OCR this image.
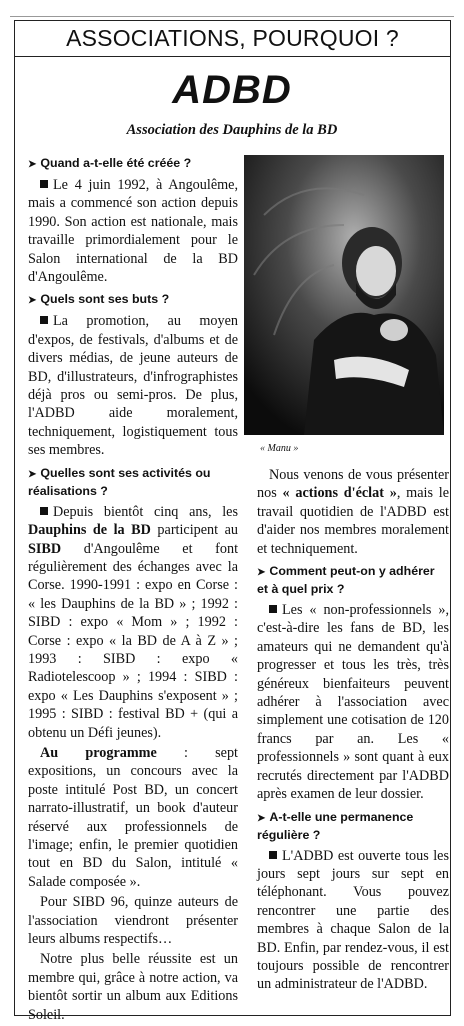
ASSOCIATIONS, POURQUOI ?
ADBD
Association des Dauphins de la BD
➤ Quand a-t-elle été créée ?

Le 4 juin 1992, à Angoulême, mais a commencé son action depuis 1990. Son action est nationale, mais travaille primordialement pour le Salon international de la BD d'Angoulême.

➤ Quels sont ses buts ?

La promotion, au moyen d'expos, de festivals, d'albums et de divers médias, de jeune auteurs de BD, d'illustrateurs, d'infrographistes déjà pros ou semi-pros. De plus, l'ADBD aide moralement, techniquement, logistiquement tous ses membres.

➤ Quelles sont ses activités ou réalisations ?

Depuis bientôt cinq ans, les Dauphins de la BD participent au SIBD d'Angoulême et font régulièrement des échanges avec la Corse. 1990-1991 : expo en Corse : « les Dauphins de la BD » ; 1992 : SIBD : expo « Mom » ; 1992 : Corse : expo « la BD de A à Z » ; 1993 : SIBD : expo « Radiotelescoop » ; 1994 : SIBD : expo « Les Dauphins s'exposent » ; 1995 : SIBD : festival BD + (qui a obtenu un Défi jeunes).

Au programme : sept expositions, un concours avec la poste intitulé Post BD, un concert narrato-illustratif, un book d'auteur réservé aux professionnels de l'image; enfin, le premier quotidien tout en BD du Salon, intitulé « Salade composée ».

Pour SIBD 96, quinze auteurs de l'association viendront présenter leurs albums respectifs…

Notre plus belle réussite est un membre qui, grâce à notre action, va bientôt sortir un album aux Editions Soleil.

« Manu »

Nous venons de vous présenter nos « actions d'éclat », mais le travail quotidien de l'ADBD est d'aider nos membres moralement et techniquement.

➤ Comment peut-on y adhérer et à quel prix ?

Les « non-professionnels », c'est-à-dire les fans de BD, les amateurs qui ne demandent qu'à progresser et tous les très, très généreux bienfaiteurs peuvent adhérer à l'association avec simplement une cotisation de 120 francs par an. Les « professionnels » sont quant à eux recrutés directement par l'ADBD après examen de leur dossier.

➤ A-t-elle une permanence régulière ?

L'ADBD est ouverte tous les jours sept jours sur sept en téléphonant. Vous pouvez rencontrer une partie des membres à chaque Salon de la BD. Enfin, par rendez-vous, il est toujours possible de rencontrer un administrateur de l'ADBD.
